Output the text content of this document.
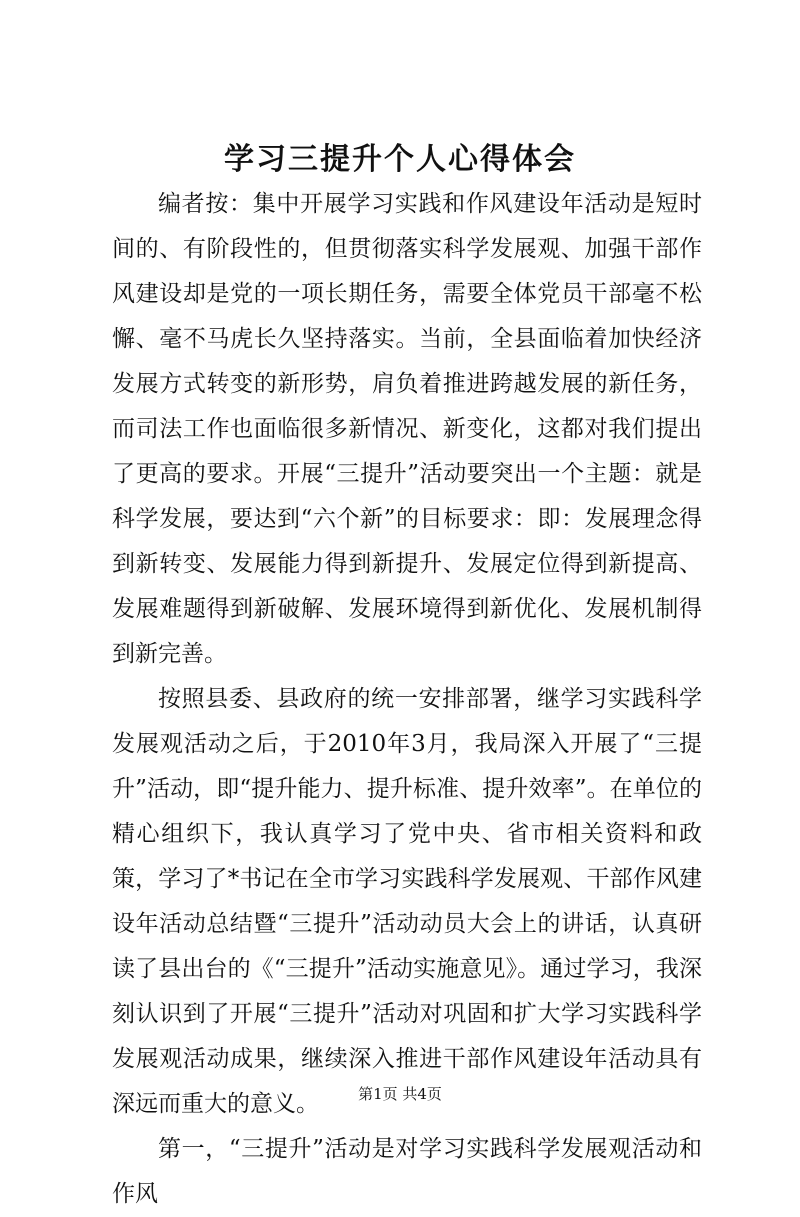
学习三提升个人心得体会

编者按：集中开展学习实践和作风建设年活动是短时间的、有阶段性的，但贯彻落实科学发展观、加强干部作风建设却是党的一项长期任务，需要全体党员干部毫不松懈、毫不马虎长久坚持落实。当前，全县面临着加快经济发展方式转变的新形势，肩负着推进跨越发展的新任务，而司法工作也面临很多新情况、新变化，这都对我们提出了更高的要求。开展“三提升”活动要突出一个主题：就是科学发展，要达到“六个新”的目标要求：即：发展理念得到新转变、发展能力得到新提升、发展定位得到新提高、发展难题得到新破解、发展环境得到新优化、发展机制得到新完善。

按照县委、县政府的统一安排部署，继学习实践科学发展观活动之后，于2010年3月，我局深入开展了“三提升”活动，即“提升能力、提升标准、提升效率”。在单位的精心组织下，我认真学习了党中央、省市相关资料和政策，学习了*书记在全市学习实践科学发展观、干部作风建设年活动总结暨“三提升”活动动员大会上的讲话，认真研读了县出台的《“三提升”活动实施意见》。通过学习，我深刻认识到了开展“三提升”活动对巩固和扩大学习实践科学发展观活动成果，继续深入推进干部作风建设年活动具有深远而重大的意义。

第一，“三提升”活动是对学习实践科学发展观活动和作风

第1页 共4页
